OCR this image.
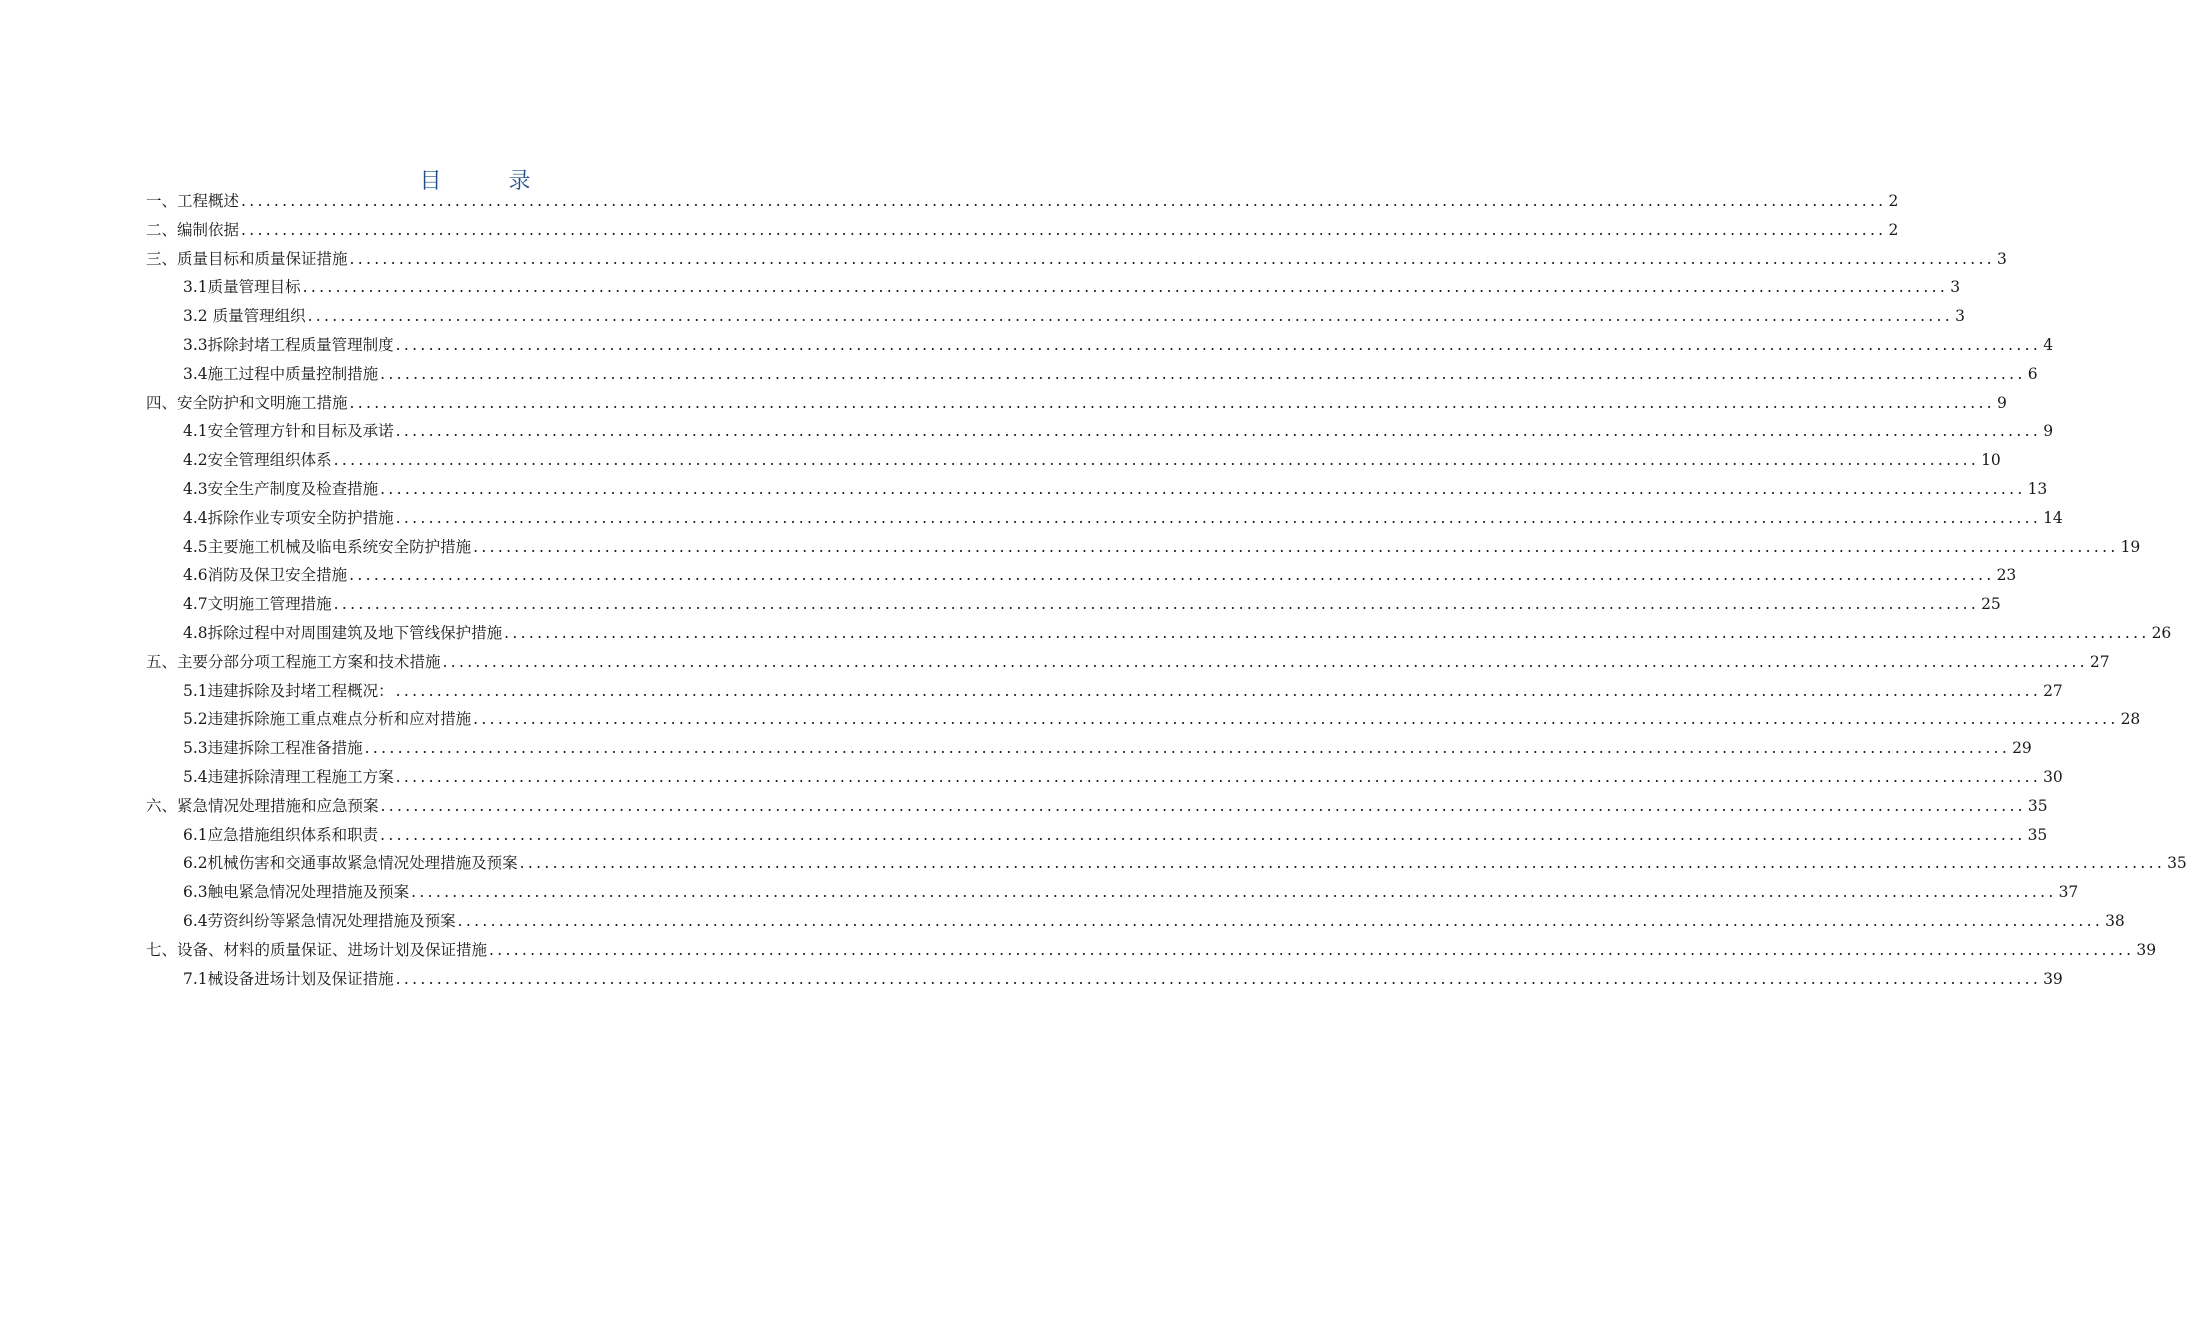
目 录
一、工程概述 ........................................................................................................................................................................................................ 2
二、编制依据 ........................................................................................................................................................................................................ 2
三、质量目标和质量保证措施 ........................................................................................................................................................................................................ 3
3.1质量管理目标 ........................................................................................................................................................................................................ 3
3.2 质量管理组织 ........................................................................................................................................................................................................ 3
3.3拆除封堵工程质量管理制度 ........................................................................................................................................................................................................ 4
3.4施工过程中质量控制措施 ........................................................................................................................................................................................................ 6
四、安全防护和文明施工措施 ........................................................................................................................................................................................................ 9
4.1安全管理方针和目标及承诺 ........................................................................................................................................................................................................ 9
4.2安全管理组织体系 ........................................................................................................................................................................................................ 10
4.3安全生产制度及检查措施 ........................................................................................................................................................................................................ 13
4.4拆除作业专项安全防护措施 ........................................................................................................................................................................................................ 14
4.5主要施工机械及临电系统安全防护措施 ........................................................................................................................................................................................................ 19
4.6消防及保卫安全措施 ........................................................................................................................................................................................................ 23
4.7文明施工管理措施 ........................................................................................................................................................................................................ 25
4.8拆除过程中对周围建筑及地下管线保护措施 ........................................................................................................................................................................................................ 26
五、主要分部分项工程施工方案和技术措施 ........................................................................................................................................................................................................ 27
5.1违建拆除及封堵工程概况： ........................................................................................................................................................................................................ 27
5.2违建拆除施工重点难点分析和应对措施 ........................................................................................................................................................................................................ 28
5.3违建拆除工程准备措施 ........................................................................................................................................................................................................ 29
5.4违建拆除清理工程施工方案 ........................................................................................................................................................................................................ 30
六、紧急情况处理措施和应急预案 ........................................................................................................................................................................................................ 35
6.1应急措施组织体系和职责 ........................................................................................................................................................................................................ 35
6.2机械伤害和交通事故紧急情况处理措施及预案 ........................................................................................................................................................................................................ 35
6.3触电紧急情况处理措施及预案 ........................................................................................................................................................................................................ 37
6.4劳资纠纷等紧急情况处理措施及预案 ........................................................................................................................................................................................................ 38
七、设备、材料的质量保证、进场计划及保证措施 ........................................................................................................................................................................................................ 39
7.1械设备进场计划及保证措施 ........................................................................................................................................................................................................ 39
